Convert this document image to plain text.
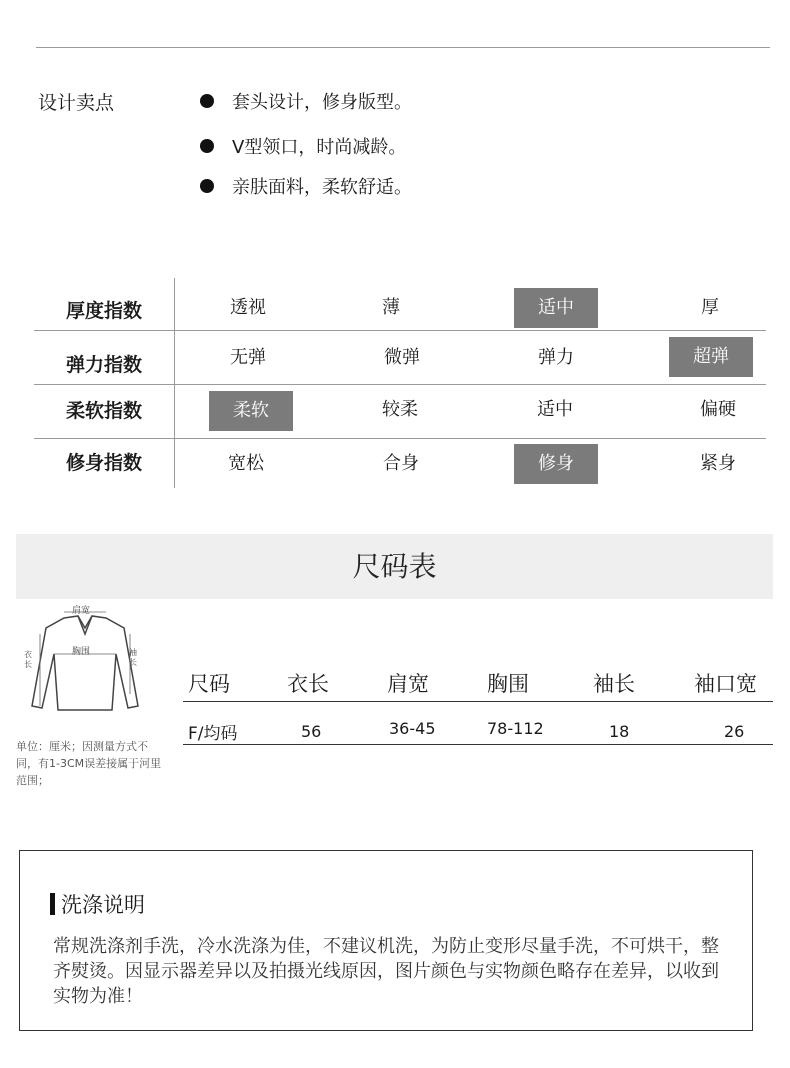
设计卖点	套头设计，修身版型。
V型领口，时尚减龄。
亲肤面料，柔软舒适。
厚度指数	透视	薄	适中	厚
弹力指数	无弹	微弹	弹力	超弹
柔软指数	柔软	较柔	适中	偏硬
修身指数	宽松	合身	修身	紧身
尺码表
肩宽
胸围
衣长
袖长
尺码	衣长	肩宽	胸围	袖长	袖口宽
F/均码	56	36-45	78-112	18	26
单位：厘米；因测量方式不同，有1-3CM误差接属于河里范围；
洗涤说明
常规洗涤剂手洗，冷水洗涤为佳，不建议机洗，为防止变形尽量手洗，不可烘干，整齐熨烫。因显示器差异以及拍摄光线原因，图片颜色与实物颜色略存在差异，以收到实物为准！
